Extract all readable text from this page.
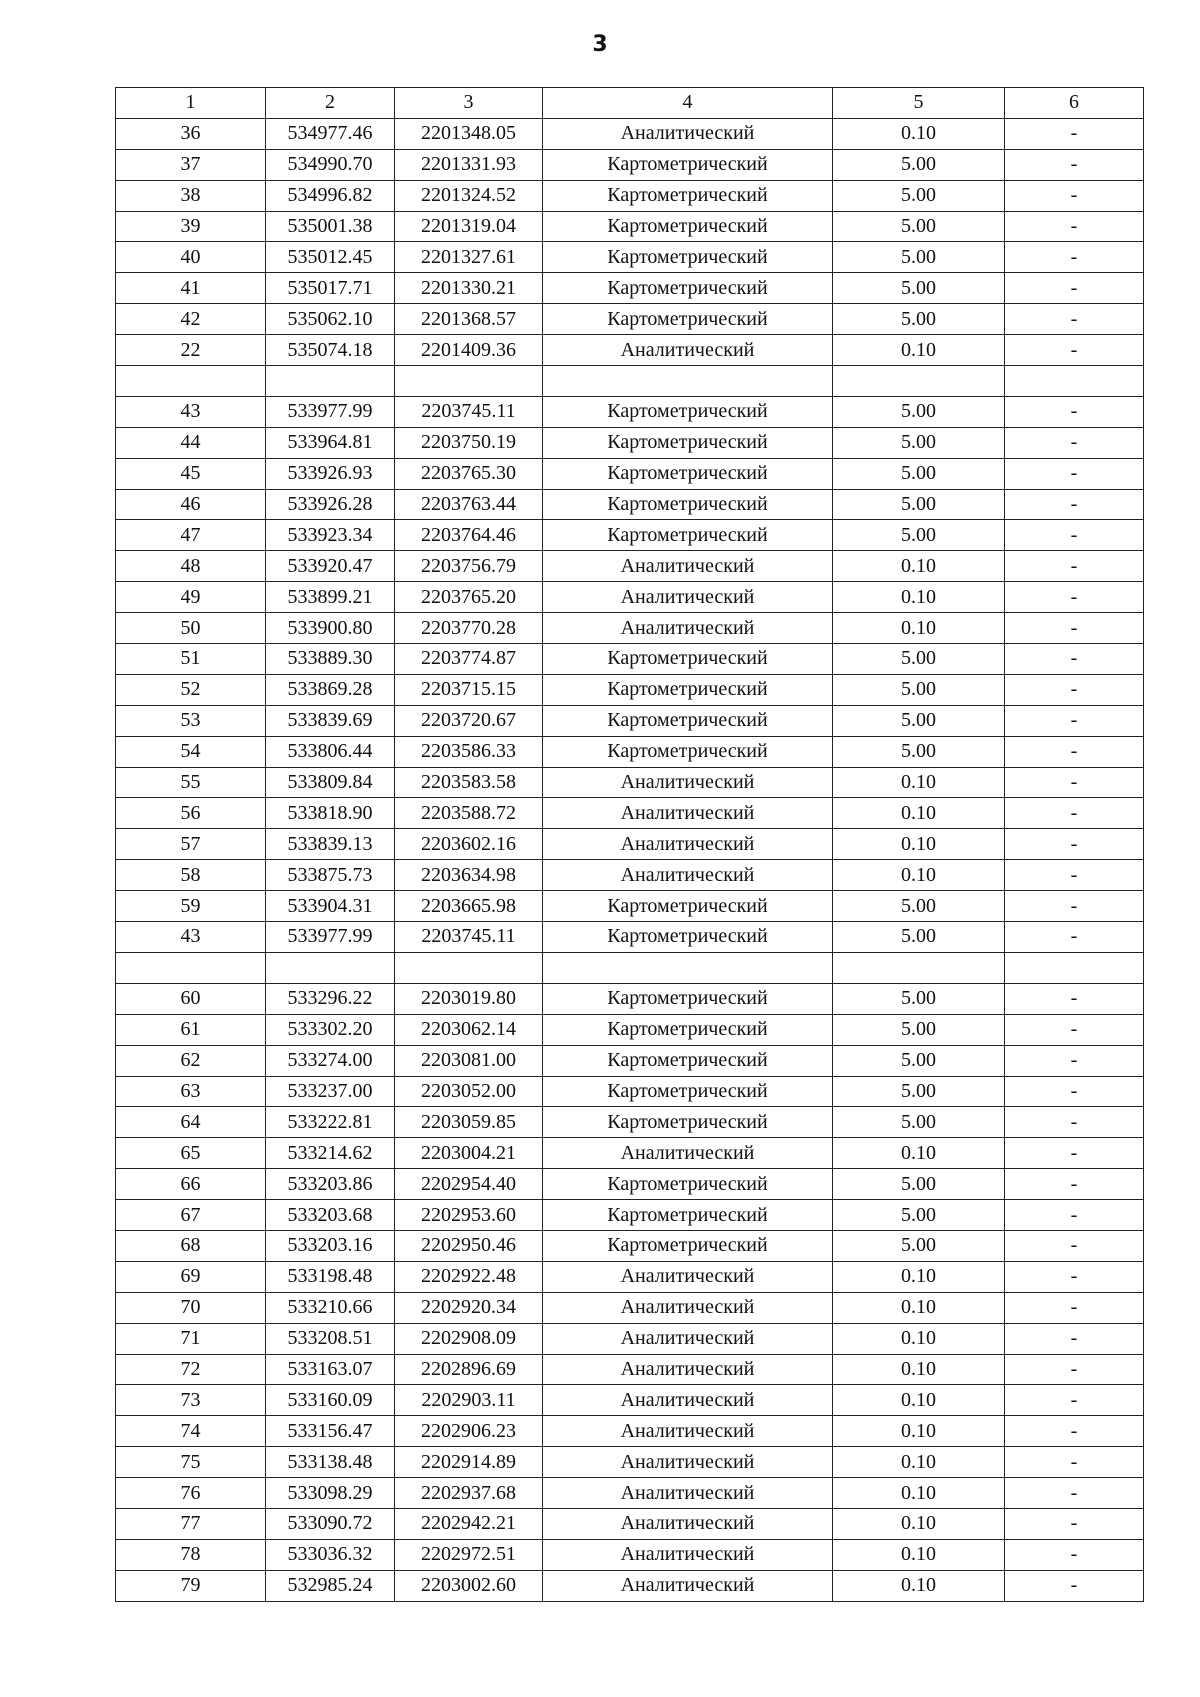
3
1	2	3	4	5	6
36	534977.46	2201348.05	Аналитический	0.10	-
37	534990.70	2201331.93	Картометрический	5.00	-
38	534996.82	2201324.52	Картометрический	5.00	-
39	535001.38	2201319.04	Картометрический	5.00	-
40	535012.45	2201327.61	Картометрический	5.00	-
41	535017.71	2201330.21	Картометрический	5.00	-
42	535062.10	2201368.57	Картометрический	5.00	-
22	535074.18	2201409.36	Аналитический	0.10	-

43	533977.99	2203745.11	Картометрический	5.00	-
44	533964.81	2203750.19	Картометрический	5.00	-
45	533926.93	2203765.30	Картометрический	5.00	-
46	533926.28	2203763.44	Картометрический	5.00	-
47	533923.34	2203764.46	Картометрический	5.00	-
48	533920.47	2203756.79	Аналитический	0.10	-
49	533899.21	2203765.20	Аналитический	0.10	-
50	533900.80	2203770.28	Аналитический	0.10	-
51	533889.30	2203774.87	Картометрический	5.00	-
52	533869.28	2203715.15	Картометрический	5.00	-
53	533839.69	2203720.67	Картометрический	5.00	-
54	533806.44	2203586.33	Картометрический	5.00	-
55	533809.84	2203583.58	Аналитический	0.10	-
56	533818.90	2203588.72	Аналитический	0.10	-
57	533839.13	2203602.16	Аналитический	0.10	-
58	533875.73	2203634.98	Аналитический	0.10	-
59	533904.31	2203665.98	Картометрический	5.00	-
43	533977.99	2203745.11	Картометрический	5.00	-

60	533296.22	2203019.80	Картометрический	5.00	-
61	533302.20	2203062.14	Картометрический	5.00	-
62	533274.00	2203081.00	Картометрический	5.00	-
63	533237.00	2203052.00	Картометрический	5.00	-
64	533222.81	2203059.85	Картометрический	5.00	-
65	533214.62	2203004.21	Аналитический	0.10	-
66	533203.86	2202954.40	Картометрический	5.00	-
67	533203.68	2202953.60	Картометрический	5.00	-
68	533203.16	2202950.46	Картометрический	5.00	-
69	533198.48	2202922.48	Аналитический	0.10	-
70	533210.66	2202920.34	Аналитический	0.10	-
71	533208.51	2202908.09	Аналитический	0.10	-
72	533163.07	2202896.69	Аналитический	0.10	-
73	533160.09	2202903.11	Аналитический	0.10	-
74	533156.47	2202906.23	Аналитический	0.10	-
75	533138.48	2202914.89	Аналитический	0.10	-
76	533098.29	2202937.68	Аналитический	0.10	-
77	533090.72	2202942.21	Аналитический	0.10	-
78	533036.32	2202972.51	Аналитический	0.10	-
79	532985.24	2203002.60	Аналитический	0.10	-
